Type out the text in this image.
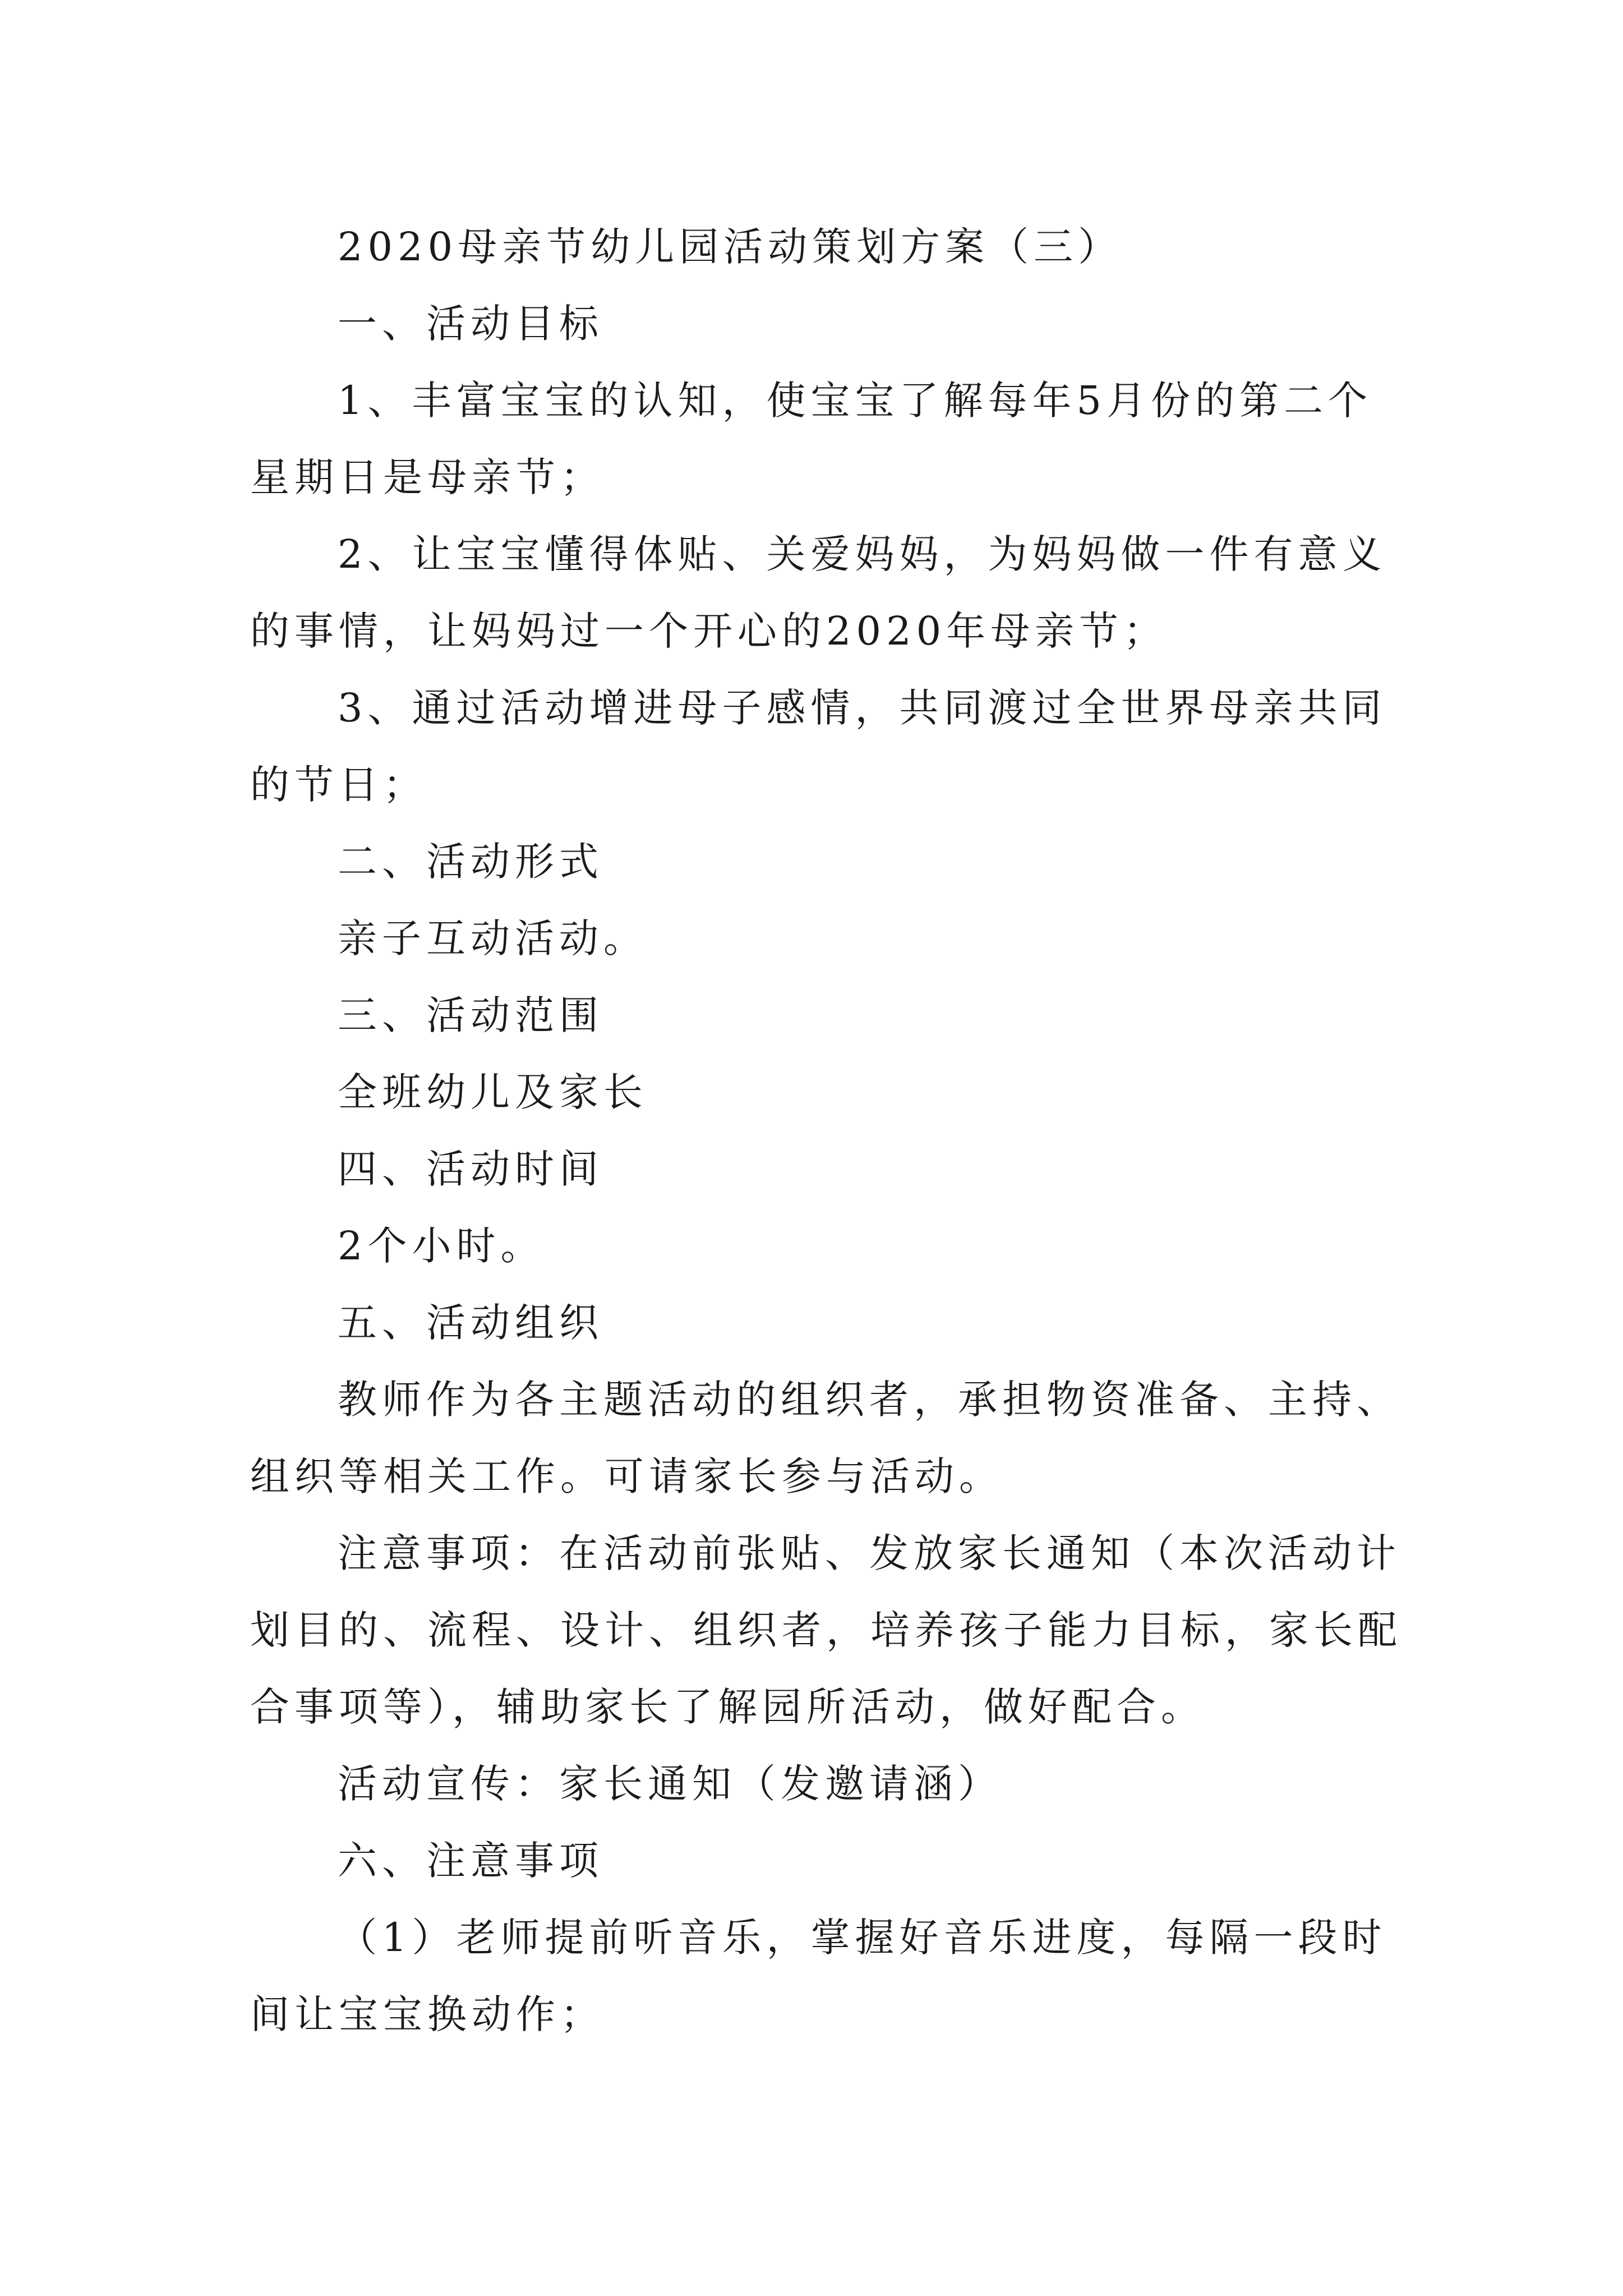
2020母亲节幼儿园活动策划方案（三）

一、活动目标

1、丰富宝宝的认知，使宝宝了解每年5月份的第二个星期日是母亲节；

2、让宝宝懂得体贴、关爱妈妈，为妈妈做一件有意义的事情，让妈妈过一个开心的2020年母亲节；

3、通过活动增进母子感情，共同渡过全世界母亲共同的节日；

二、活动形式

亲子互动活动。

三、活动范围

全班幼儿及家长

四、活动时间

2个小时。

五、活动组织

教师作为各主题活动的组织者，承担物资准备、主持、组织等相关工作。可请家长参与活动。

注意事项：在活动前张贴、发放家长通知（本次活动计划目的、流程、设计、组织者，培养孩子能力目标，家长配合事项等），辅助家长了解园所活动，做好配合。

活动宣传：家长通知（发邀请涵）

六、注意事项

（1）老师提前听音乐，掌握好音乐进度，每隔一段时间让宝宝换动作；
